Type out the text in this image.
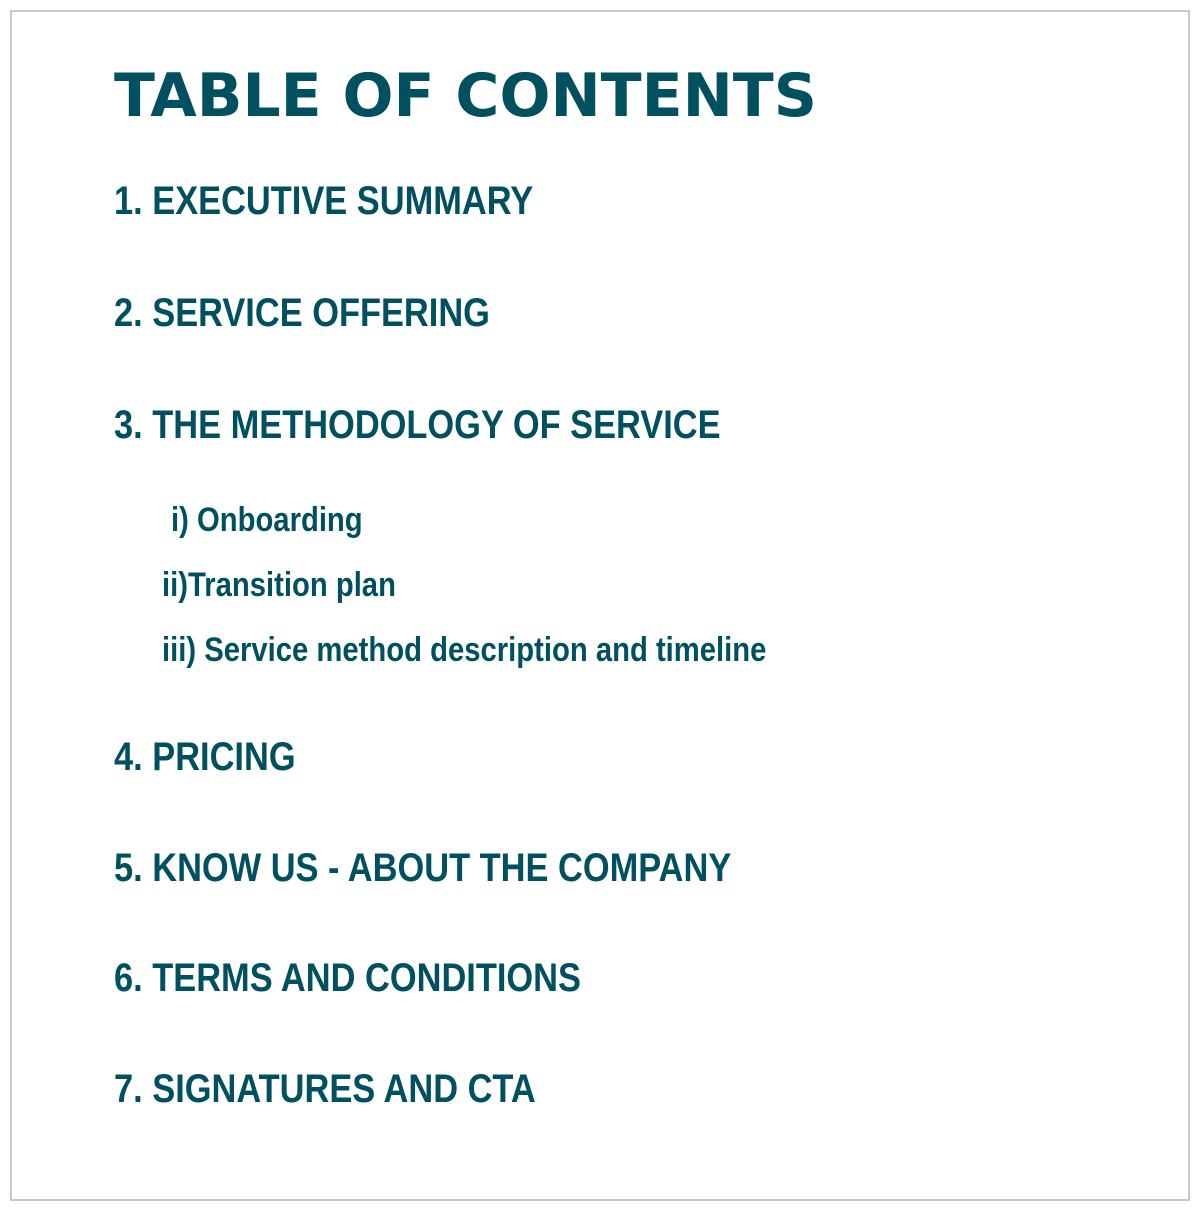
TABLE OF CONTENTS
1. EXECUTIVE SUMMARY
2. SERVICE OFFERING
3. THE METHODOLOGY OF SERVICE
i) Onboarding
ii)Transition plan
iii) Service method description and timeline
4. PRICING
5. KNOW US - ABOUT THE COMPANY
6. TERMS AND CONDITIONS
7. SIGNATURES AND CTA
